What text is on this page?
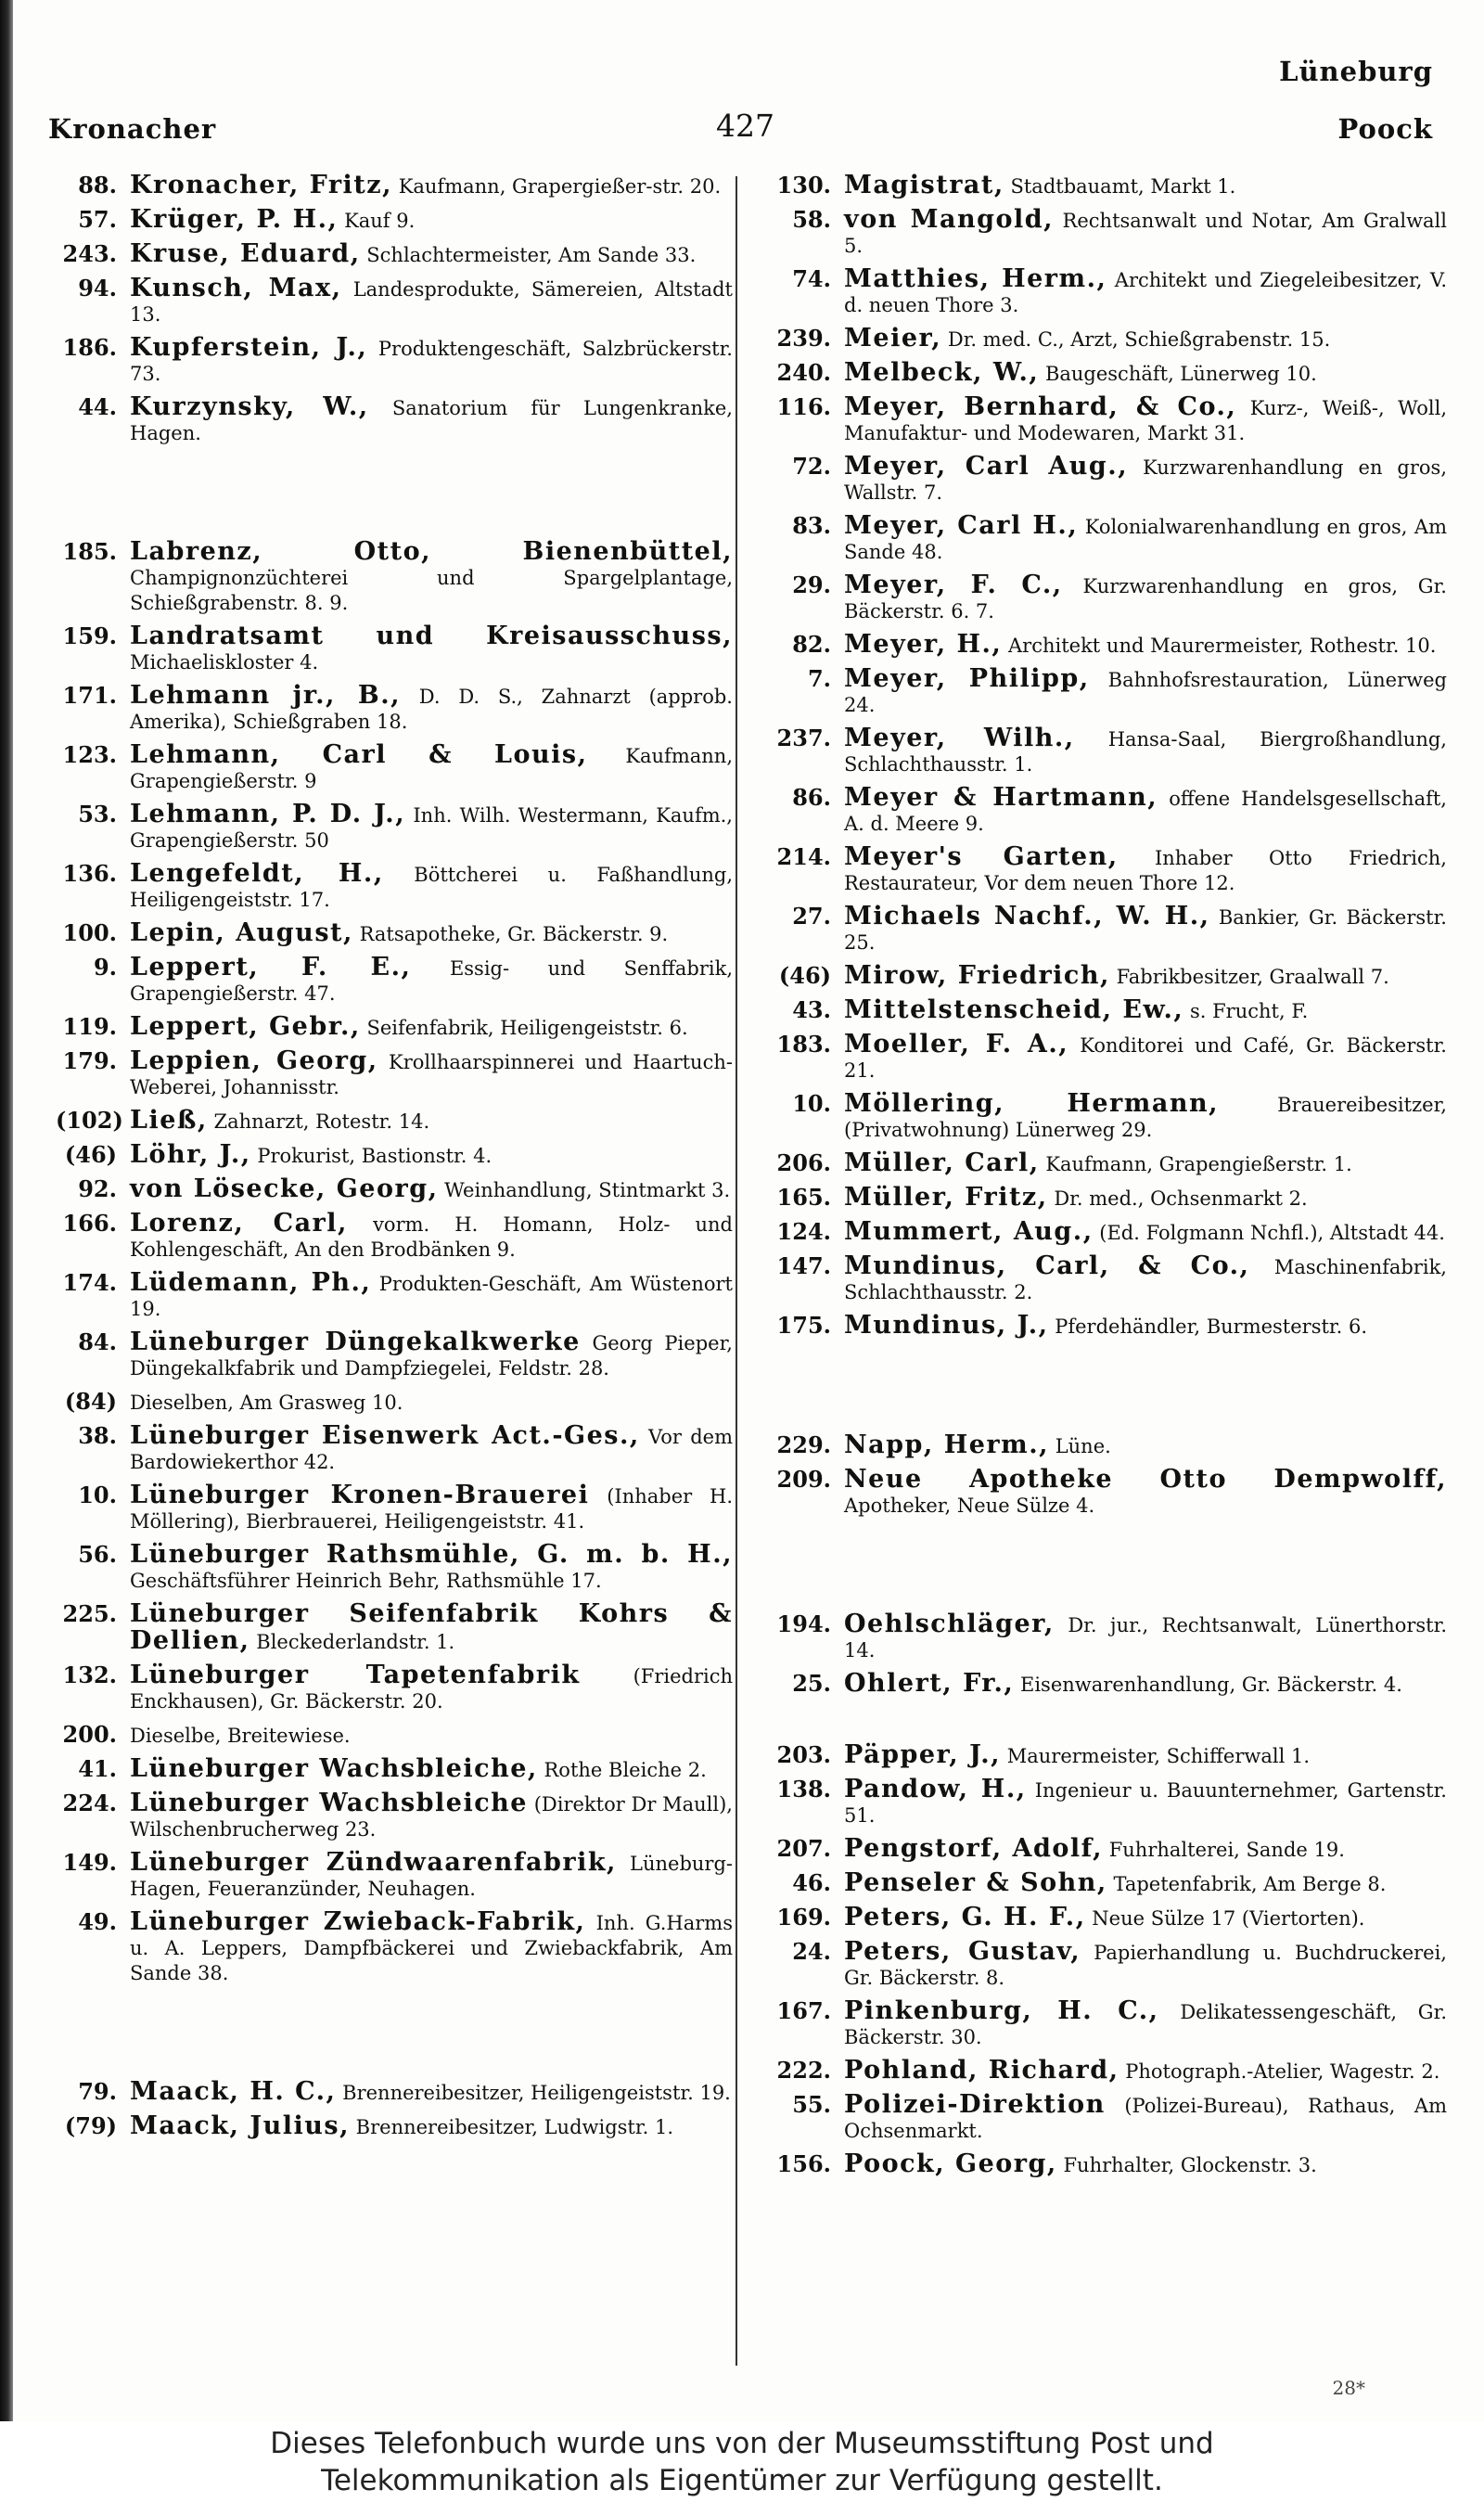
Lüneburg
Kronacher	427	Poock
88. Kronacher, Fritz, Kaufmann, Grapergießer-str. 20.
57. Krüger, P. H., Kauf 9.
243. Kruse, Eduard, Schlachtermeister, Am Sande 33.
94. Kunsch, Max, Landesprodukte, Sämereien, Altstadt 13.
186. Kupferstein, J., Produktengeschäft, Salzbrückerstr. 73.
44. Kurzynsky, W., Sanatorium für Lungenkranke, Hagen.
185. Labrenz, Otto, Bienenbüttel, Champignonzüchterei und Spargelplantage, Schießgrabenstr. 8. 9.
159. Landratsamt und Kreisausschuss, Michaeliskloster 4.
171. Lehmann jr., B., D. D. S., Zahnarzt (approb. Amerika), Schießgraben 18.
123. Lehmann, Carl & Louis, Kaufmann, Grapengießerstr. 9
53. Lehmann, P. D. J., Inh. Wilh. Westermann, Kaufm., Grapengießerstr. 50
136. Lengefeldt, H., Böttcherei u. Faßhandlung, Heiligengeiststr. 17.
100. Lepin, August, Ratsapotheke, Gr. Bäckerstr. 9.
9. Leppert, F. E., Essig- und Senffabrik, Grapengießerstr. 47.
119. Leppert, Gebr., Seifenfabrik, Heiligengeiststr. 6.
179. Leppien, Georg, Krollhaarspinnerei und Haartuch-Weberei, Johannisstr.
(102) Ließ, Zahnarzt, Rotestr. 14.
(46) Löhr, J., Prokurist, Bastionstr. 4.
92. von Lösecke, Georg, Weinhandlung, Stintmarkt 3.
166. Lorenz, Carl, vorm. H. Homann, Holz- und Kohlengeschäft, An den Brodbänken 9.
174. Lüdemann, Ph., Produkten-Geschäft, Am Wüstenort 19.
84. Lüneburger Düngekalkwerke Georg Pieper, Düngekalkfabrik und Dampfziegelei, Feldstr. 28.
(84) Dieselben, Am Grasweg 10.
38. Lüneburger Eisenwerk Act.-Ges., Vor dem Bardowiekerthor 42.
10. Lüneburger Kronen-Brauerei (Inhaber H. Möllering), Bierbrauerei, Heiligengeiststr. 41.
56. Lüneburger Rathsmühle, G. m. b. H., Geschäftsführer Heinrich Behr, Rathsmühle 17.
225. Lüneburger Seifenfabrik Kohrs & Dellien, Bleckederlandstr. 1.
132. Lüneburger Tapetenfabrik	(Friedrich Enckhausen), Gr. Bäckerstr. 20.
200. Dieselbe, Breitewiese.
41. Lüneburger Wachsbleiche, Rothe Bleiche 2.
224. Lüneburger Wachsbleiche (Direktor Dr Maull), Wilschenbrucherweg 23.
149. Lüneburger Zündwaarenfabrik, Lüneburg-Hagen, Feueranzünder, Neuhagen.
49. Lüneburger Zwieback-Fabrik, Inh. G.Harms u. A. Leppers, Dampfbäckerei und Zwiebackfabrik, Am Sande 38.
79. Maack, H. C., Brennereibesitzer, Heiligengeiststr. 19.
(79) Maack, Julius, Brennereibesitzer, Ludwigstr. 1.
130. Magistrat, Stadtbauamt, Markt 1.
58. von Mangold, Rechtsanwalt und Notar, Am Gralwall 5.
74. Matthies, Herm., Architekt und Ziegeleibesitzer, V. d. neuen Thore 3.
239. Meier, Dr. med. C., Arzt, Schießgrabenstr. 15.
240. Melbeck, W., Baugeschäft, Lünerweg 10.
116. Meyer, Bernhard, & Co., Kurz-, Weiß-, Woll, Manufaktur- und Modewaren, Markt 31.
72. Meyer, Carl Aug., Kurzwarenhandlung en gros, Wallstr. 7.
83. Meyer, Carl H., Kolonialwarenhandlung en gros, Am Sande 48.
29. Meyer, F. C., Kurzwarenhandlung en gros, Gr. Bäckerstr. 6. 7.
82. Meyer, H., Architekt und Maurermeister, Rothestr. 10.
7. Meyer, Philipp, Bahnhofsrestauration, Lünerweg 24.
237. Meyer, Wilh., Hansa-Saal, Biergroßhandlung, Schlachthausstr. 1.
86. Meyer & Hartmann, offene Handelsgesellschaft, A. d. Meere 9.
214. Meyer's Garten, Inhaber Otto Friedrich, Restaurateur, Vor dem neuen Thore 12.
27. Michaels Nachf., W. H., Bankier, Gr. Bäckerstr. 25.
(46) Mirow, Friedrich, Fabrikbesitzer, Graalwall 7.
43. Mittelstenscheid, Ew., s. Frucht, F.
183. Moeller, F. A., Konditorei und Café, Gr. Bäckerstr. 21.
10. Möllering, Hermann,	Brauereibesitzer, (Privatwohnung) Lünerweg 29.
206. Müller, Carl, Kaufmann, Grapengießerstr. 1.
165. Müller, Fritz, Dr. med., Ochsenmarkt 2.
124. Mummert, Aug., (Ed. Folgmann Nchfl.), Altstadt 44.
147. Mundinus, Carl, & Co., Maschinenfabrik, Schlachthausstr. 2.
175. Mundinus, J., Pferdehändler, Burmesterstr. 6.
229. Napp, Herm., Lüne.
209. Neue Apotheke Otto Dempwolff, Apotheker, Neue Sülze 4.
194. Oehlschläger, Dr. jur., Rechtsanwalt, Lünerthorstr. 14.
25. Ohlert, Fr., Eisenwarenhandlung, Gr. Bäckerstr. 4.
203. Päpper, J., Maurermeister, Schifferwall 1.
138. Pandow, H., Ingenieur u. Bauunternehmer, Gartenstr. 51.
207. Pengstorf, Adolf, Fuhrhalterei, Sande 19.
46. Penseler & Sohn, Tapetenfabrik, Am Berge 8.
169. Peters, G. H. F., Neue Sülze 17 (Viertorten).
24. Peters, Gustav, Papierhandlung u. Buchdruckerei, Gr. Bäckerstr. 8.
167. Pinkenburg, H. C., Delikatessengeschäft, Gr. Bäckerstr. 30.
222. Pohland, Richard, Photograph.-Atelier, Wagestr. 2.
55. Polizei-Direktion (Polizei-Bureau), Rathaus, Am Ochsenmarkt.
156. Poock, Georg, Fuhrhalter, Glockenstr. 3.
28*
Dieses Telefonbuch wurde uns von der Museumsstiftung Post und
Telekommunikation als Eigentümer zur Verfügung gestellt.
